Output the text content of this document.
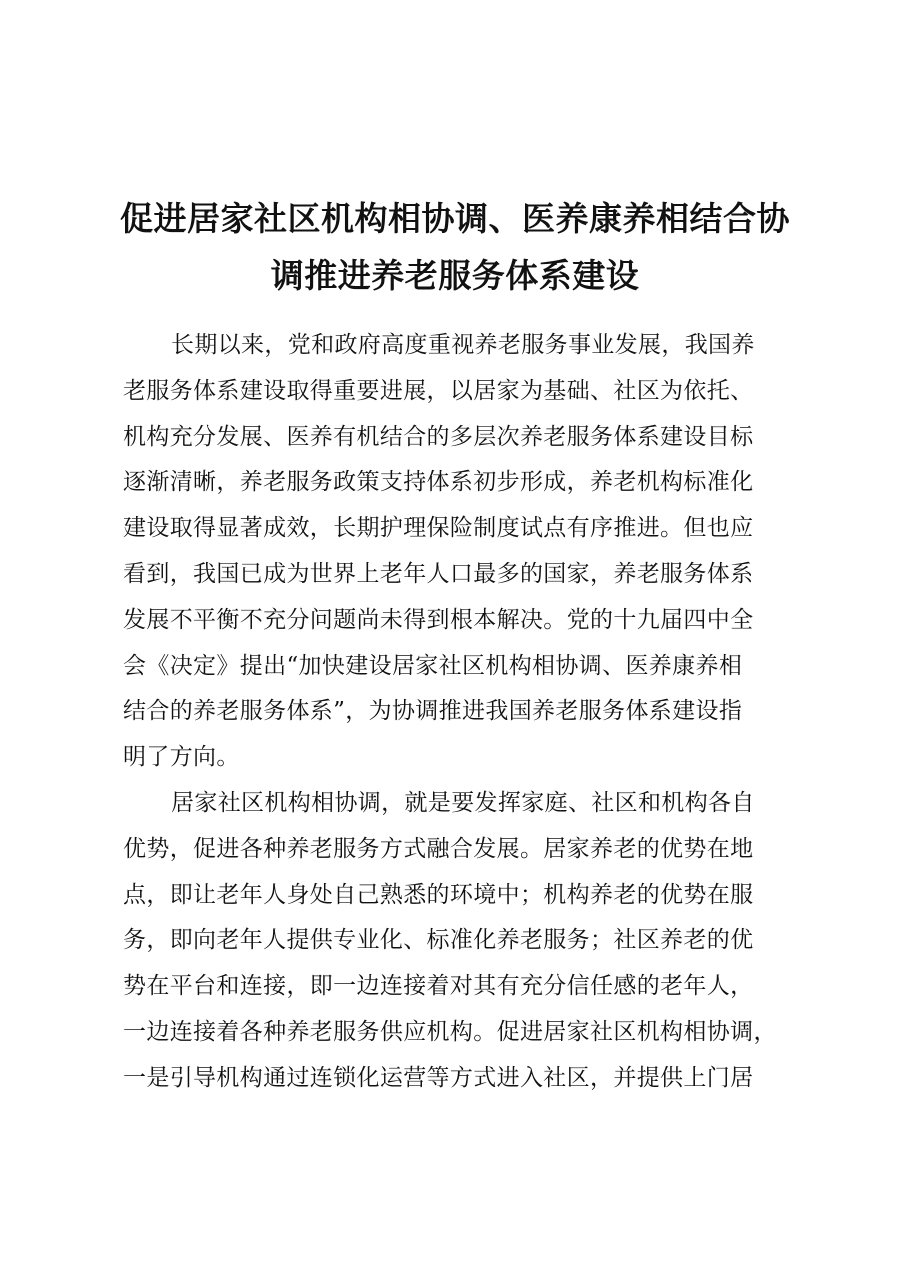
促进居家社区机构相协调、医养康养相结合协
调推进养老服务体系建设
长期以来，党和政府高度重视养老服务事业发展，我国养
老服务体系建设取得重要进展，以居家为基础、社区为依托、
机构充分发展、医养有机结合的多层次养老服务体系建设目标
逐渐清晰，养老服务政策支持体系初步形成，养老机构标准化
建设取得显著成效，长期护理保险制度试点有序推进。但也应
看到，我国已成为世界上老年人口最多的国家，养老服务体系
发展不平衡不充分问题尚未得到根本解决。党的十九届四中全
会《决定》提出“加快建设居家社区机构相协调、医养康养相
结合的养老服务体系”，为协调推进我国养老服务体系建设指
明了方向。
居家社区机构相协调，就是要发挥家庭、社区和机构各自
优势，促进各种养老服务方式融合发展。居家养老的优势在地
点，即让老年人身处自己熟悉的环境中；机构养老的优势在服
务，即向老年人提供专业化、标准化养老服务；社区养老的优
势在平台和连接，即一边连接着对其有充分信任感的老年人，
一边连接着各种养老服务供应机构。促进居家社区机构相协调，
一是引导机构通过连锁化运营等方式进入社区，并提供上门居
